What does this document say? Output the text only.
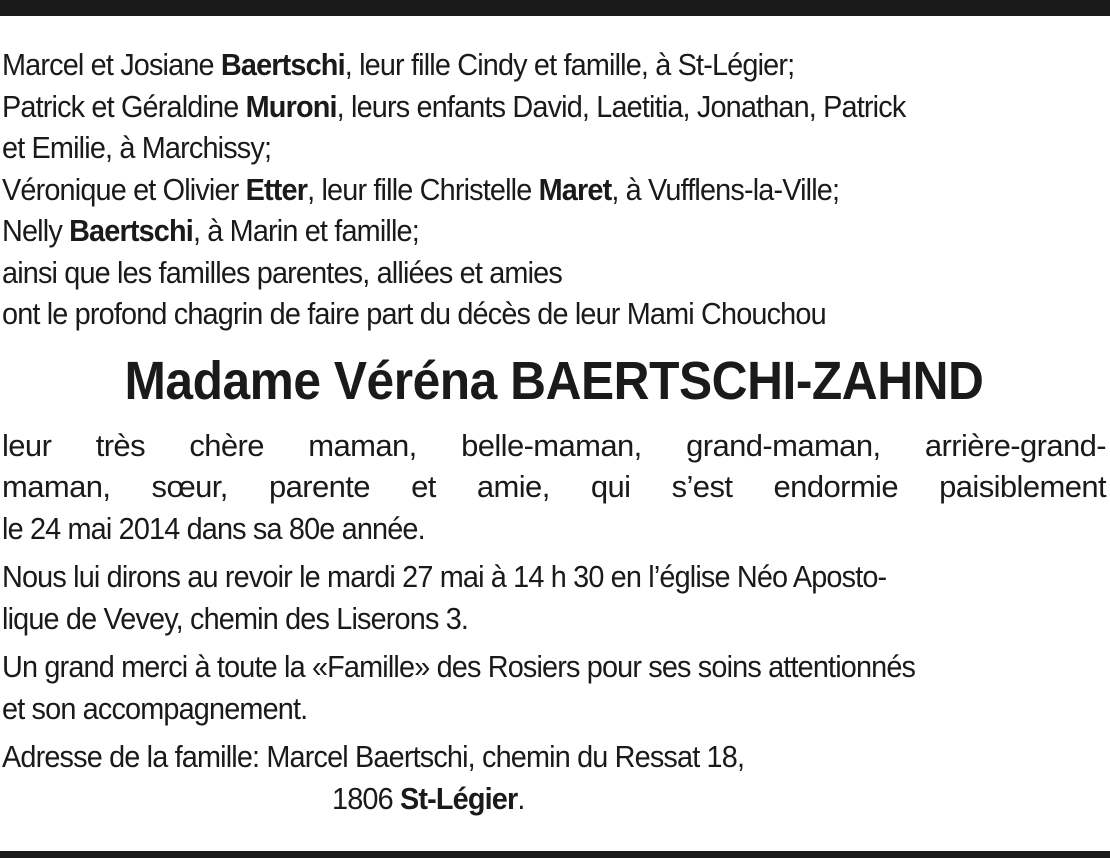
Marcel et Josiane Baertschi, leur fille Cindy et famille, à St-Légier;
Patrick et Géraldine Muroni, leurs enfants David, Laetitia, Jonathan, Patrick
et Emilie, à Marchissy;
Véronique et Olivier Etter, leur fille Christelle Maret, à Vufflens-la-Ville;
Nelly Baertschi, à Marin et famille;
ainsi que les familles parentes, alliées et amies
ont le profond chagrin de faire part du décès de leur Mami Chouchou
Madame Véréna BAERTSCHI-ZAHND
leur très chère maman, belle-maman, grand-maman, arrière-grand-
maman, sœur, parente et amie, qui s’est endormie paisiblement
le 24 mai 2014 dans sa 80e année.
Nous lui dirons au revoir le mardi 27 mai à 14 h 30 en l’église Néo Aposto-
lique de Vevey, chemin des Liserons 3.
Un grand merci à toute la «Famille» des Rosiers pour ses soins attentionnés
et son accompagnement.
Adresse de la famille: Marcel Baertschi, chemin du Ressat 18,
1806 St-Légier.
